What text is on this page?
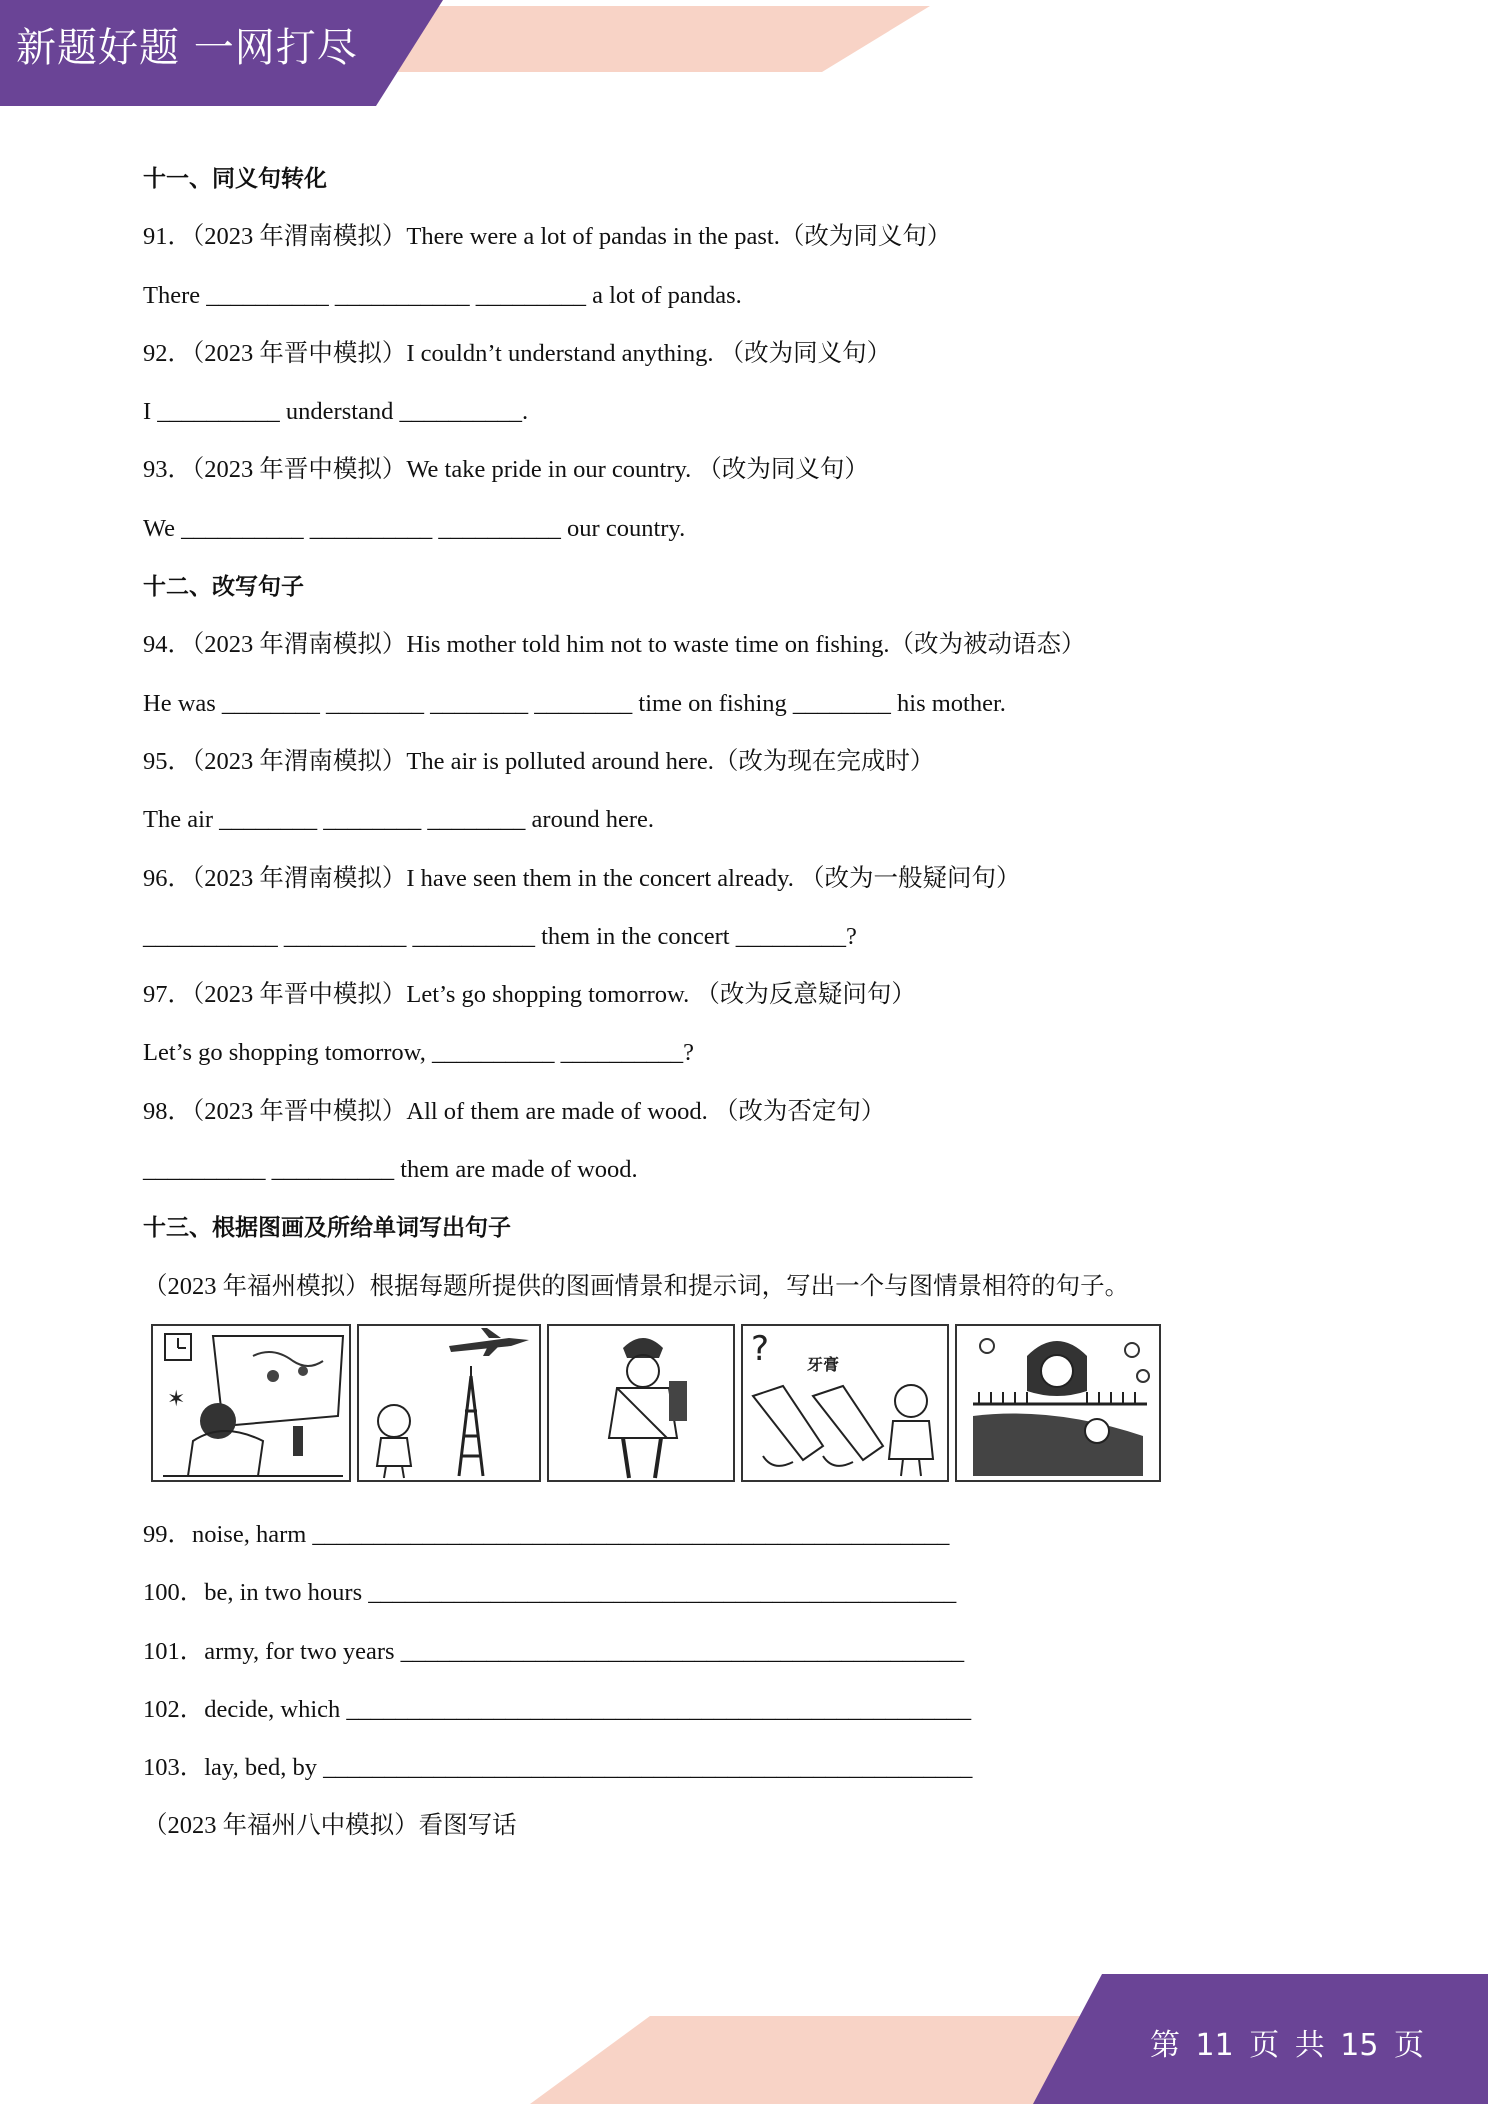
新题好题 一网打尽
十一、同义句转化
91．（2023 年渭南模拟）There were a lot of pandas in the past.（改为同义句）
There __________ ___________ _________ a lot of pandas.
92．（2023 年晋中模拟）I couldn’t understand anything. （改为同义句）
I __________ understand __________.
93．（2023 年晋中模拟）We take pride in our country. （改为同义句）
We __________ __________ __________ our country.
十二、改写句子
94．（2023 年渭南模拟）His mother told him not to waste time on fishing.（改为被动语态）
He was ________ ________ ________ ________ time on fishing ________ his mother.
95．（2023 年渭南模拟）The air is polluted around here.（改为现在完成时）
The air ________ ________ ________ around here.
96．（2023 年渭南模拟）I have seen them in the concert already. （改为一般疑问句）
___________ __________ __________ them in the concert _________?
97．（2023 年晋中模拟）Let’s go shopping tomorrow. （改为反意疑问句）
Let’s go shopping tomorrow, __________ __________?
98．（2023 年晋中模拟）All of them are made of wood. （改为否定句）
__________ __________ them are made of wood.
十三、根据图画及所给单词写出句子
（2023 年福州模拟）根据每题所提供的图画情景和提示词，写出一个与图情景相符的句子。
✶
? 牙膏
99．noise, harm ____________________________________________________
100．be, in two hours ________________________________________________
101．army, for two years ______________________________________________
102．decide, which ___________________________________________________
103．lay, bed, by _____________________________________________________
（2023 年福州八中模拟）看图写话
第 11 页 共 15 页
